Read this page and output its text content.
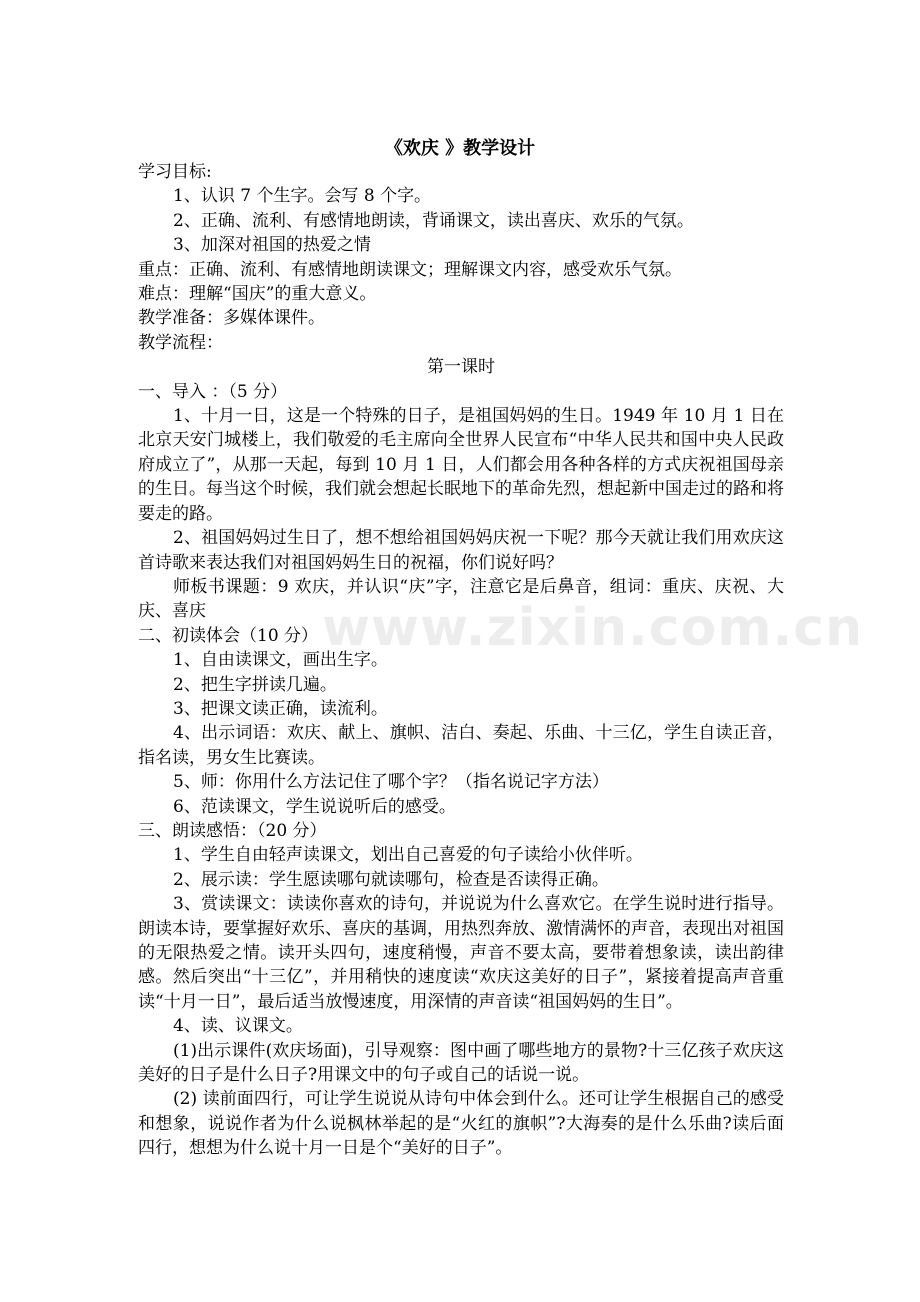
《欢庆 》教学设计

学习目标:

1、认识 7 个生字。会写 8 个字。

2、正确、流利、有感情地朗读，背诵课文，读出喜庆、欢乐的气氛。

3、加深对祖国的热爱之情

重点：正确、流利、有感情地朗读课文；理解课文内容，感受欢乐气氛。

难点：理解“国庆”的重大意义。

教学准备：多媒体课件。

教学流程：

第一课时

一、导入 ：（5 分）

1、十月一日，这是一个特殊的日子，是祖国妈妈的生日。1949 年 10 月 1 日在北京天安门城楼上，我们敬爱的毛主席向全世界人民宣布“中华人民共和国中央人民政府成立了”，从那一天起，每到 10 月 1 日，人们都会用各种各样的方式庆祝祖国母亲的生日。每当这个时候，我们就会想起长眠地下的革命先烈，想起新中国走过的路和将要走的路。

2、祖国妈妈过生日了，想不想给祖国妈妈庆祝一下呢？那今天就让我们用欢庆这首诗歌来表达我们对祖国妈妈生日的祝福，你们说好吗？

师板书课题：9 欢庆，并认识“庆”字，注意它是后鼻音，组词：重庆、庆祝、大庆、喜庆

二、初读体会（10 分）

1、自由读课文，画出生字。

2、把生字拼读几遍。

3、把课文读正确，读流利。

4、出示词语：欢庆、献上、旗帜、洁白、奏起、乐曲、十三亿，学生自读正音，指名读，男女生比赛读。

5、师：你用什么方法记住了哪个字？（指名说记字方法）

6、范读课文，学生说说听后的感受。

三、朗读感悟：（20 分）

1、学生自由轻声读课文，划出自己喜爱的句子读给小伙伴听。

2、展示读：学生愿读哪句就读哪句，检查是否读得正确。

3、赏读课文：读读你喜欢的诗句，并说说为什么喜欢它。在学生说时进行指导。朗读本诗，要掌握好欢乐、喜庆的基调，用热烈奔放、激情满怀的声音，表现出对祖国的无限热爱之情。读开头四句，速度稍慢，声音不要太高，要带着想象读，读出韵律感。然后突出“十三亿”，并用稍快的速度读“欢庆这美好的日子”，紧接着提高声音重读“十月一日”，最后适当放慢速度，用深情的声音读“祖国妈妈的生日”。

4、读、议课文。

(1)出示课件(欢庆场面)，引导观察：图中画了哪些地方的景物?十三亿孩子欢庆这美好的日子是什么日子?用课文中的句子或自己的话说一说。

(2) 读前面四行，可让学生说说从诗句中体会到什么。还可让学生根据自己的感受和想象，说说作者为什么说枫林举起的是“火红的旗帜”?大海奏的是什么乐曲?读后面四行，想想为什么说十月一日是个“美好的日子”。

www.zixin.com.cn
